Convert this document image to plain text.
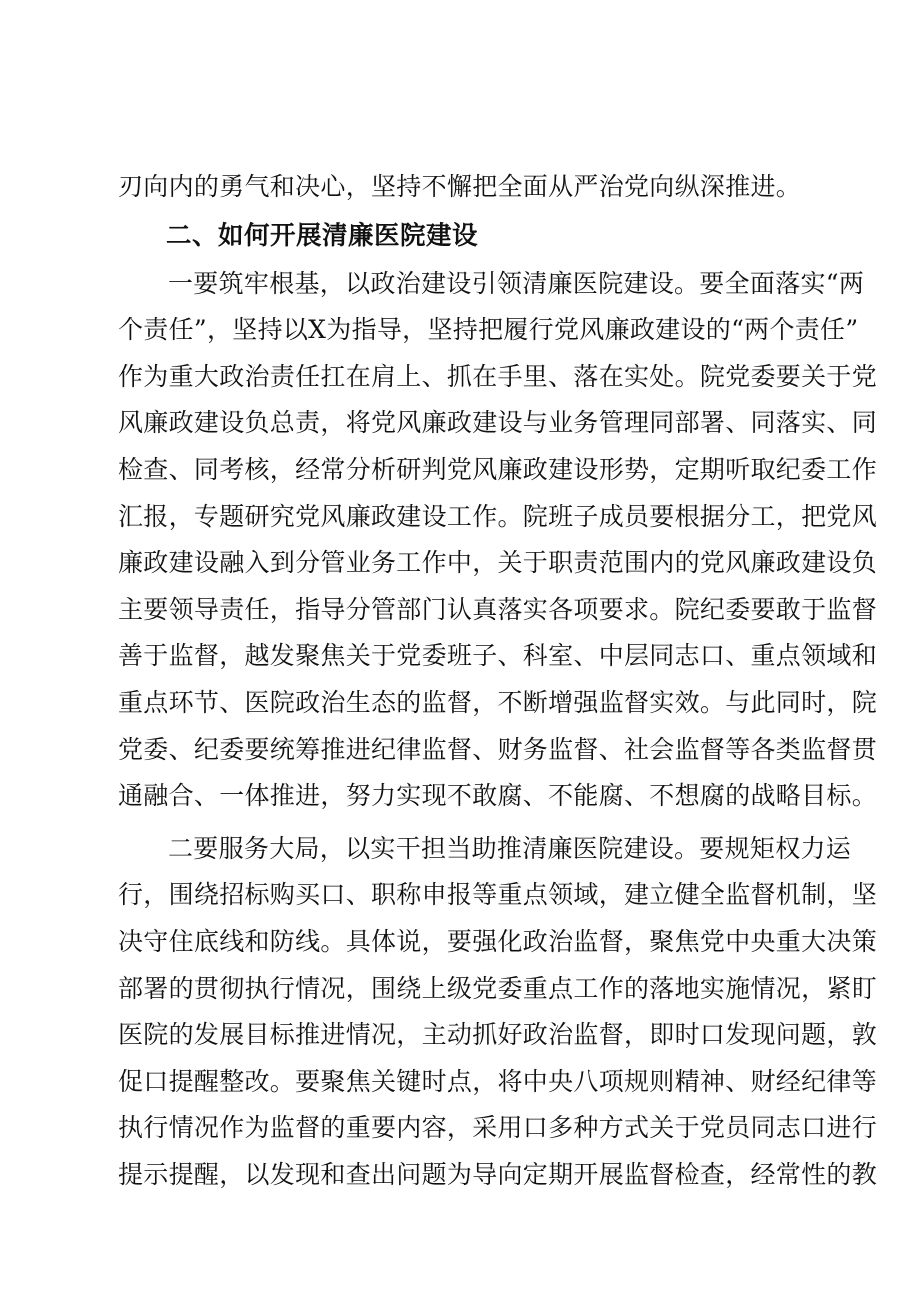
刃向内的勇气和决心，坚持不懈把全面从严治党向纵深推进。
二、如何开展清廉医院建设
一要筑牢根基，以政治建设引领清廉医院建设。要全面落实“两
个责任”，坚持以X为指导，坚持把履行党风廉政建设的“两个责任”
作为重大政治责任扛在肩上、抓在手里、落在实处。院党委要关于党
风廉政建设负总责，将党风廉政建设与业务管理同部署、同落实、同
检查、同考核，经常分析研判党风廉政建设形势，定期听取纪委工作
汇报，专题研究党风廉政建设工作。院班子成员要根据分工，把党风
廉政建设融入到分管业务工作中，关于职责范围内的党风廉政建设负
主要领导责任，指导分管部门认真落实各项要求。院纪委要敢于监督
善于监督，越发聚焦关于党委班子、科室、中层同志口、重点领域和
重点环节、医院政治生态的监督，不断增强监督实效。与此同时，院
党委、纪委要统筹推进纪律监督、财务监督、社会监督等各类监督贯
通融合、一体推进，努力实现不敢腐、不能腐、不想腐的战略目标。
二要服务大局，以实干担当助推清廉医院建设。要规矩权力运
行，围绕招标购买口、职称申报等重点领域，建立健全监督机制，坚
决守住底线和防线。具体说，要强化政治监督，聚焦党中央重大决策
部署的贯彻执行情况，围绕上级党委重点工作的落地实施情况，紧盯
医院的发展目标推进情况，主动抓好政治监督，即时口发现问题，敦
促口提醒整改。要聚焦关键时点，将中央八项规则精神、财经纪律等
执行情况作为监督的重要内容，采用口多种方式关于党员同志口进行
提示提醒，以发现和查出问题为导向定期开展监督检查，经常性的教
